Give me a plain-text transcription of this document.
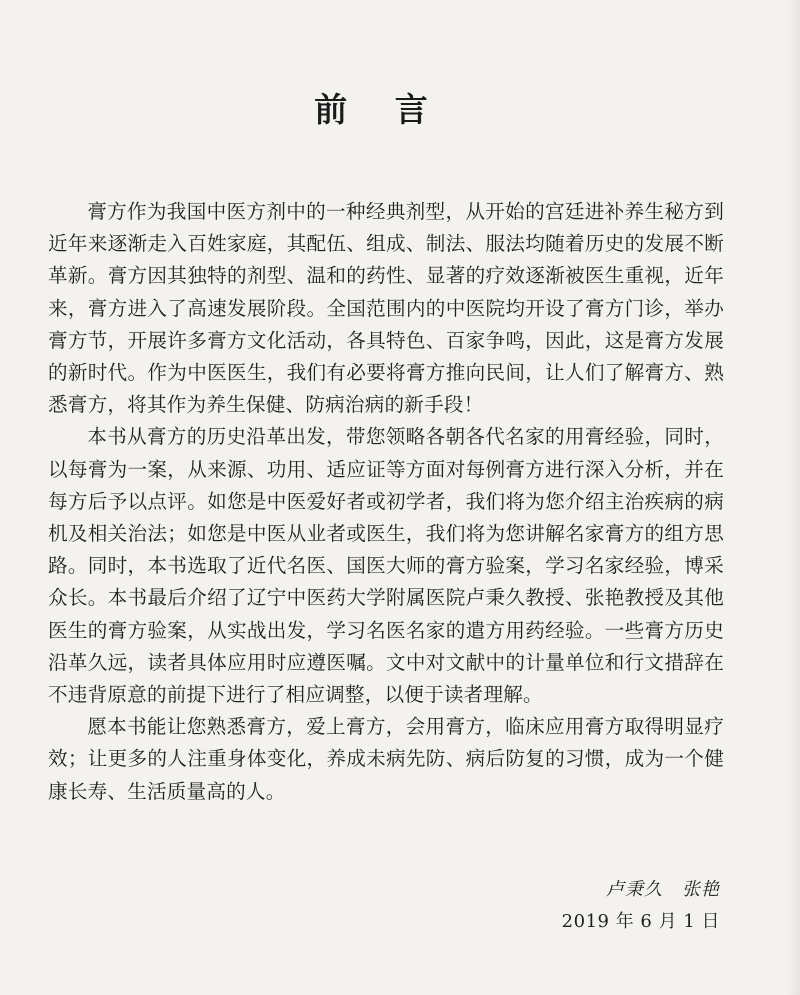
前 言

膏方作为我国中医方剂中的一种经典剂型，从开始的宫廷进补养生秘方到近年来逐渐走入百姓家庭，其配伍、组成、制法、服法均随着历史的发展不断革新。膏方因其独特的剂型、温和的药性、显著的疗效逐渐被医生重视，近年来，膏方进入了高速发展阶段。全国范围内的中医院均开设了膏方门诊，举办膏方节，开展许多膏方文化活动，各具特色、百家争鸣，因此，这是膏方发展的新时代。作为中医医生，我们有必要将膏方推向民间，让人们了解膏方、熟悉膏方，将其作为养生保健、防病治病的新手段！

本书从膏方的历史沿革出发，带您领略各朝各代名家的用膏经验，同时，以每膏为一案，从来源、功用、适应证等方面对每例膏方进行深入分析，并在每方后予以点评。如您是中医爱好者或初学者，我们将为您介绍主治疾病的病机及相关治法；如您是中医从业者或医生，我们将为您讲解名家膏方的组方思路。同时，本书选取了近代名医、国医大师的膏方验案，学习名家经验，博采众长。本书最后介绍了辽宁中医药大学附属医院卢秉久教授、张艳教授及其他医生的膏方验案，从实战出发，学习名医名家的遣方用药经验。一些膏方历史沿革久远，读者具体应用时应遵医嘱。文中对文献中的计量单位和行文措辞在不违背原意的前提下进行了相应调整，以便于读者理解。

愿本书能让您熟悉膏方，爱上膏方，会用膏方，临床应用膏方取得明显疗效；让更多的人注重身体变化，养成未病先防、病后防复的习惯，成为一个健康长寿、生活质量高的人。

卢秉久　张艳
2019 年 6 月 1 日
